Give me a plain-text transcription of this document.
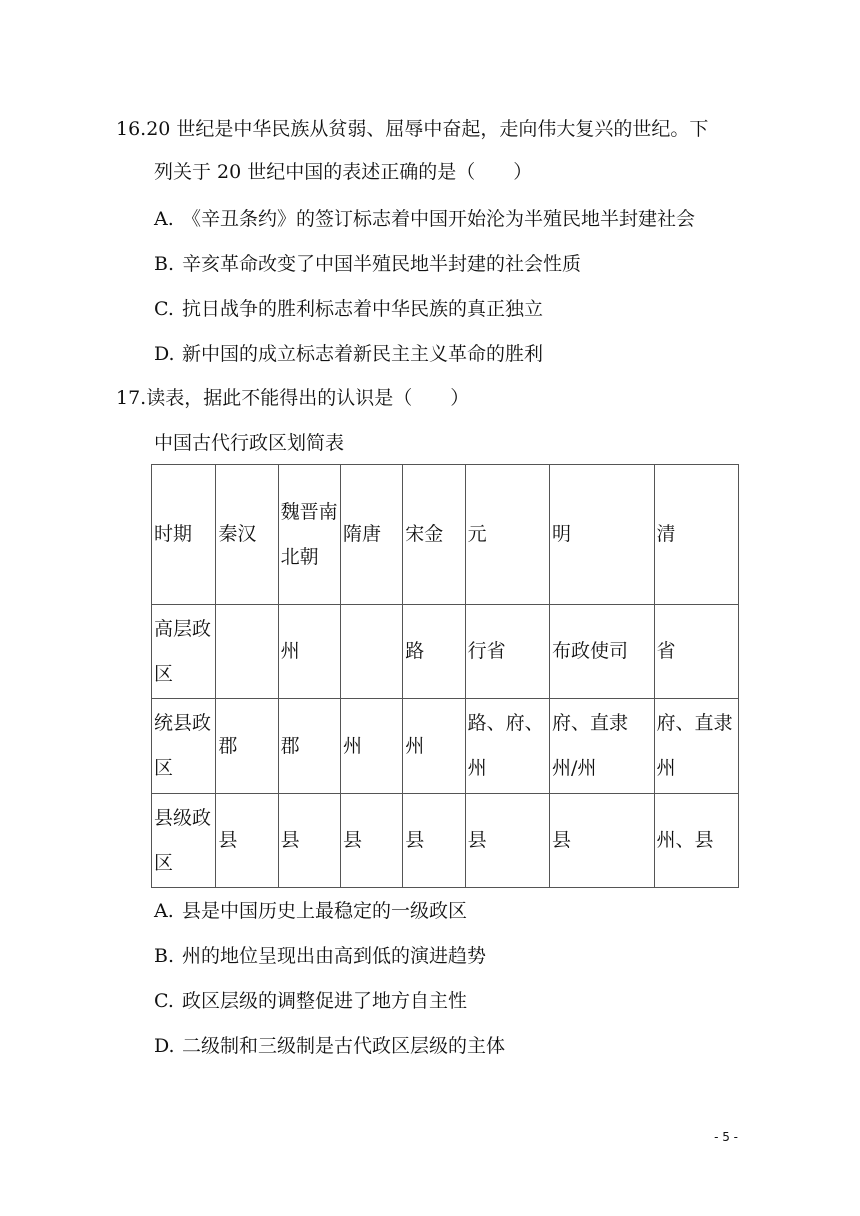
16.20 世纪是中华民族从贫弱、屈辱中奋起，走向伟大复兴的世纪。下
列关于 20 世纪中国的表述正确的是（　　）
A. 《辛丑条约》的签订标志着中国开始沦为半殖民地半封建社会
B. 辛亥革命改变了中国半殖民地半封建的社会性质
C. 抗日战争的胜利标志着中华民族的真正独立
D. 新中国的成立标志着新民主主义革命的胜利
17.读表，据此不能得出的认识是（　　）
中国古代行政区划简表
时期	秦汉	魏晋南北朝	隋唐	宋金	元	明	清
高层政区		州		路	行省	布政使司	省
统县政区	郡	郡	州	州	路、府、州	府、直隶州/州	府、直隶州
县级政区	县	县	县	县	县	县	州、县
A. 县是中国历史上最稳定的一级政区
B. 州的地位呈现出由高到低的演进趋势
C. 政区层级的调整促进了地方自主性
D. 二级制和三级制是古代政区层级的主体
- 5 -
